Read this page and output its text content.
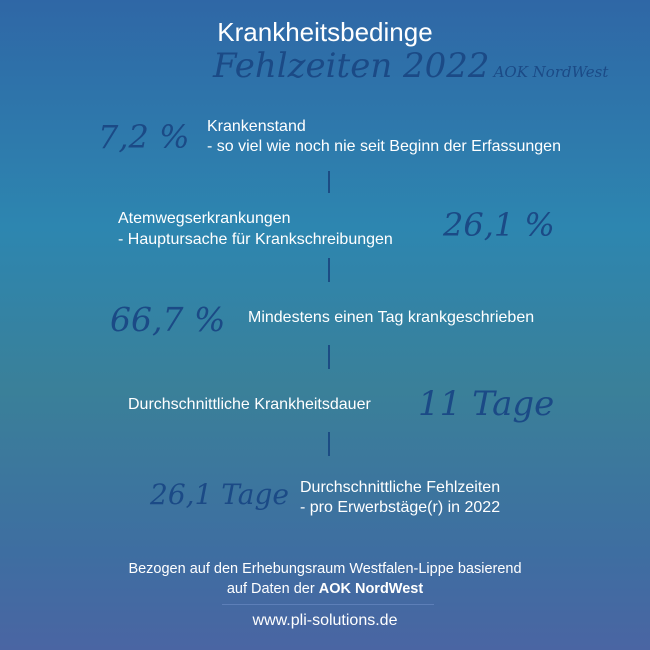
Krankheitsbedinge
Fehlzeiten 2022 AOK NordWest
7,2 % Krankenstand
- so viel wie noch nie seit Beginn der Erfassungen
Atemwegserkrankungen
- Hauptursache für Krankschreibungen 26,1 %
66,7 % Mindestens einen Tag krankgeschrieben
Durchschnittliche Krankheitsdauer 11 Tage
26,1 Tage Durchschnittliche Fehlzeiten
- pro Erwerbstäge(r) in 2022
Bezogen auf den Erhebungsraum Westfalen-Lippe basierend
auf Daten der AOK NordWest
www.pli-solutions.de
